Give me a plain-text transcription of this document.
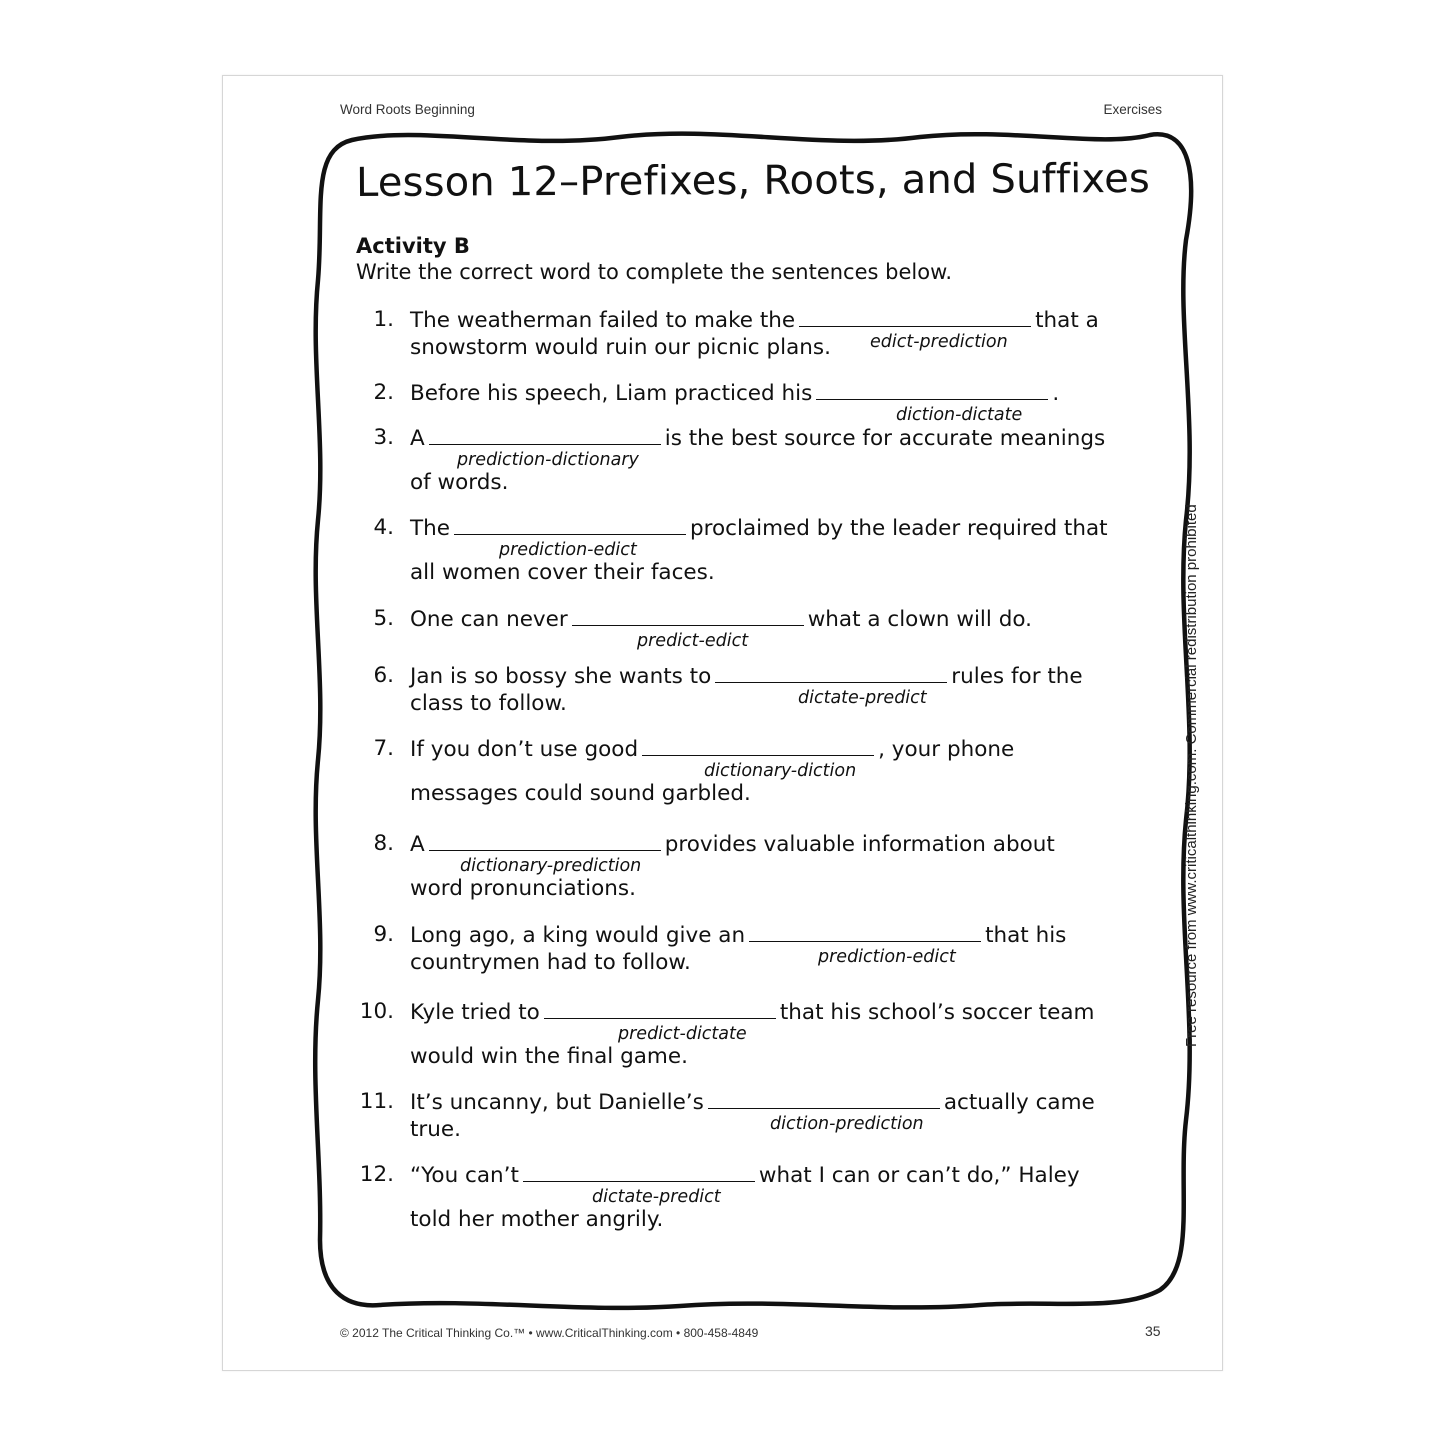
Word Roots Beginning	Exercises
Lesson 12–Prefixes, Roots, and Suffixes
Activity B
Write the correct word to complete the sentences below.
1. The weatherman failed to make the	that a
snowstorm would ruin our picnic plans. edict-prediction
2. Before his speech, Liam practiced his	.
diction-dictate
3. A	is the best source for accurate meanings
of words.
prediction-dictionary
4. The	proclaimed by the leader required that
all women cover their faces.
prediction-edict
5. One can never	what a clown will do.
predict-edict
6. Jan is so bossy she wants to	rules for the
class to follow.	dictate-predict
7. If you don’t use good	, your phone
messages could sound garbled.
dictionary-diction
8. A	provides valuable information about
word pronunciations.
dictionary-prediction
9. Long ago, a king would give an	that his
countrymen had to follow.	prediction-edict
10. Kyle tried to	that his school’s soccer team
would win the final game.
predict-dictate
11. It’s uncanny, but Danielle’s	actually came
true.	diction-prediction
12. “You can’t	what I can or can’t do,” Haley
told her mother angrily.
dictate-predict
Free resource from www.criticalthinking.com. Commercial redistribution prohibited
© 2012 The Critical Thinking Co.™ • www.CriticalThinking.com • 800-458-4849	35
